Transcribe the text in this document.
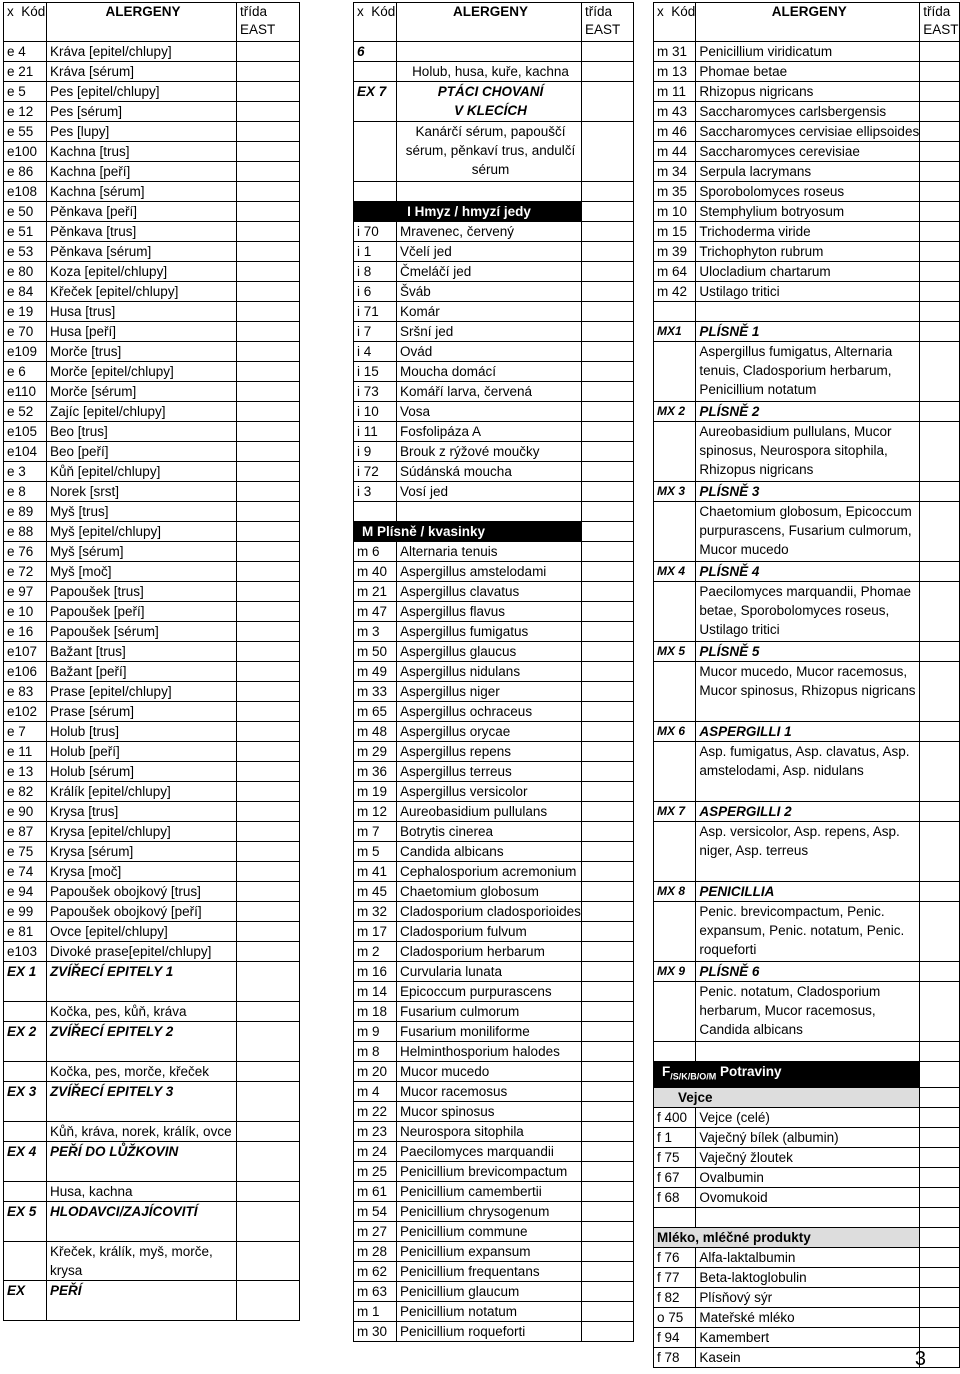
x Kód	ALERGENY	třída
EAST
e 4	Kráva [epitel/chlupy]	
e 21	Kráva [sérum]	
e 5	Pes [epitel/chlupy]	
e 12	Pes [sérum]	
e 55	Pes [lupy]	
e100	Kachna [trus]	
e 86	Kachna [peří]	
e108	Kachna [sérum]	
e 50	Pěnkava [peří]	
e 51	Pěnkava [trus]	
e 53	Pěnkava [sérum]	
e 80	Koza [epitel/chlupy]	
e 84	Křeček [epitel/chlupy]	
e 19	Husa [trus]	
e 70	Husa [peří]	
e109	Morče [trus]	
e 6	Morče [epitel/chlupy]	
e110	Morče [sérum]	
e 52	Zajíc [epitel/chlupy]	
e105	Beo [trus]	
e104	Beo [peří]	
e 3	Kůň [epitel/chlupy]	
e 8	Norek [srst]	
e 89	Myš [trus]	
e 88	Myš [epitel/chlupy]	
e 76	Myš [sérum]	
e 72	Myš [moč]	
e 97	Papoušek [trus]	
e 10	Papoušek [peří]	
e 16	Papoušek [sérum]	
e107	Bažant [trus]	
e106	Bažant [peří]	
e 83	Prase [epitel/chlupy]	
e102	Prase [sérum]	
e 7	Holub [trus]	
e 11	Holub [peří]	
e 13	Holub [sérum]	
e 82	Králík [epitel/chlupy]	
e 90	Krysa [trus]	
e 87	Krysa [epitel/chlupy]	
e 75	Krysa [sérum]	
e 74	Krysa [moč]	
e 94	Papoušek obojkový [trus]	
e 99	Papoušek obojkový [peří]	
e 81	Ovce [epitel/chlupy]	
e103	Divoké prase[epitel/chlupy]	
EX 1	ZVÍŘECÍ EPITELY 1	
	Kočka, pes, kůň, kráva	
EX 2	ZVÍŘECÍ EPITELY 2	
	Kočka, pes, morče, křeček	
EX 3	ZVÍŘECÍ EPITELY 3	
	Kůň, kráva, norek, králík, ovce	
EX 4	PEŘÍ DO LŮŽKOVIN	
	Husa, kachna	
EX 5	HLODAVCI/ZAJÍCOVITÍ	
	Křeček, králík, myš, morče, krysa	
EX	PEŘÍ	
x Kód	ALERGENY	třída
EAST
6		
	Holub, husa, kuře, kachna	
EX 7	PTÁCI CHOVANÍ
V KLECÍCH	
	Kanárčí sérum, papouščí sérum, pěnkaví trus, andulčí sérum	

I Hmyz / hmyzí jedy		
i 70	Mravenec, červený	
i 1	Včelí jed	
i 8	Čmeláčí jed	
i 6	Šváb	
i 71	Komár	
i 7	Sršní jed	
i 4	Ovád	
i 15	Moucha domácí	
i 73	Komáří larva, červená	
i 10	Vosa	
i 11	Fosfolipáza A	
i 9	Brouk z rýžové moučky	
i 72	Súdánská moucha	
i 3	Vosí jed	

M Plísně / kvasinky		
m 6	Alternaria tenuis	
m 40	Aspergillus amstelodami	
m 21	Aspergillus clavatus	
m 47	Aspergillus flavus	
m 3	Aspergillus fumigatus	
m 50	Aspergillus glaucus	
m 49	Aspergillus nidulans	
m 33	Aspergillus niger	
m 65	Aspergillus ochraceus	
m 48	Aspergillus orycae	
m 29	Aspergillus repens	
m 36	Aspergillus terreus	
m 19	Aspergillus versicolor	
m 12	Aureobasidium pullulans	
m 7	Botrytis cinerea	
m 5	Candida albicans	
m 41	Cephalosporium acremonium	
m 45	Chaetomium globosum	
m 32	Cladosporium cladosporioides	
m 17	Cladosporium fulvum	
m 2	Cladosporium herbarum	
m 16	Curvularia lunata	
m 14	Epicoccum purpurascens	
m 18	Fusarium culmorum	
m 9	Fusarium moniliforme	
m 8	Helminthosporium halodes	
m 20	Mucor mucedo	
m 4	Mucor racemosus	
m 22	Mucor spinosus	
m 23	Neurospora sitophila	
m 24	Paecilomyces marquandii	
m 25	Penicillium brevicompactum	
m 61	Penicillium camembertii	
m 54	Penicillium chrysogenum	
m 27	Penicillium commune	
m 28	Penicillium expansum	
m 62	Penicillium frequentans	
m 63	Penicillium glaucum	
m 1	Penicillium notatum	
m 30	Penicillium roqueforti	
x Kód	ALERGENY	třída
EAST
m 31	Penicillium viridicatum	
m 13	Phomae betae	
m 11	Rhizopus nigricans	
m 43	Saccharomyces carlsbergensis	
m 46	Saccharomyces cervisiae ellipsoides	
m 44	Saccharomyces cerevisiae	
m 34	Serpula lacrymans	
m 35	Sporobolomyces roseus	
m 10	Stemphylium botryosum	
m 15	Trichoderma viride	
m 39	Trichophyton rubrum	
m 64	Ulocladium chartarum	
m 42	Ustilago tritici	

MX1	PLÍSNĚ 1	
	Aspergillus fumigatus, Alternaria tenuis, Cladosporium herbarum, Penicillium notatum	
MX 2	PLÍSNĚ 2	
	Aureobasidium pullulans, Mucor spinosus, Neurospora sitophila, Rhizopus nigricans	
MX 3	PLÍSNĚ 3	
	Chaetomium globosum, Epicoccum purpurascens, Fusarium culmorum, Mucor mucedo	
MX 4	PLÍSNĚ 4	
	Paecilomyces marquandii, Phomae betae, Sporobolomyces roseus, Ustilago tritici	
MX 5	PLÍSNĚ 5	
	Mucor mucedo, Mucor racemosus, Mucor spinosus, Rhizopus nigricans	
MX 6	ASPERGILLI 1	
	Asp. fumigatus, Asp. clavatus, Asp. amstelodami, Asp. nidulans	
MX 7	ASPERGILLI 2	
	Asp. versicolor, Asp. repens, Asp. niger, Asp. terreus	
MX 8	PENICILLIA	
	Penic. brevicompactum, Penic. expansum, Penic. notatum, Penic. roqueforti	
MX 9	PLÍSNĚ 6	
	Penic. notatum, Cladosporium herbarum, Mucor racemosus, Candida albicans	

$F_{/S/K/B/O/M}$ Potraviny		
Vejce		
f 400	Vejce (celé)	
f 1	Vaječný bílek (albumin)	
f 75	Vaječný žloutek	
f 67	Ovalbumin	
f 68	Ovomukoid	

Mléko, mléčné produkty		
f 76	Alfa-laktalbumin	
f 77	Beta-laktoglobulin	
f 82	Plísňový sýr	
o 75	Mateřské mléko	
f 94	Kamembert	
f 78	Kasein		3
